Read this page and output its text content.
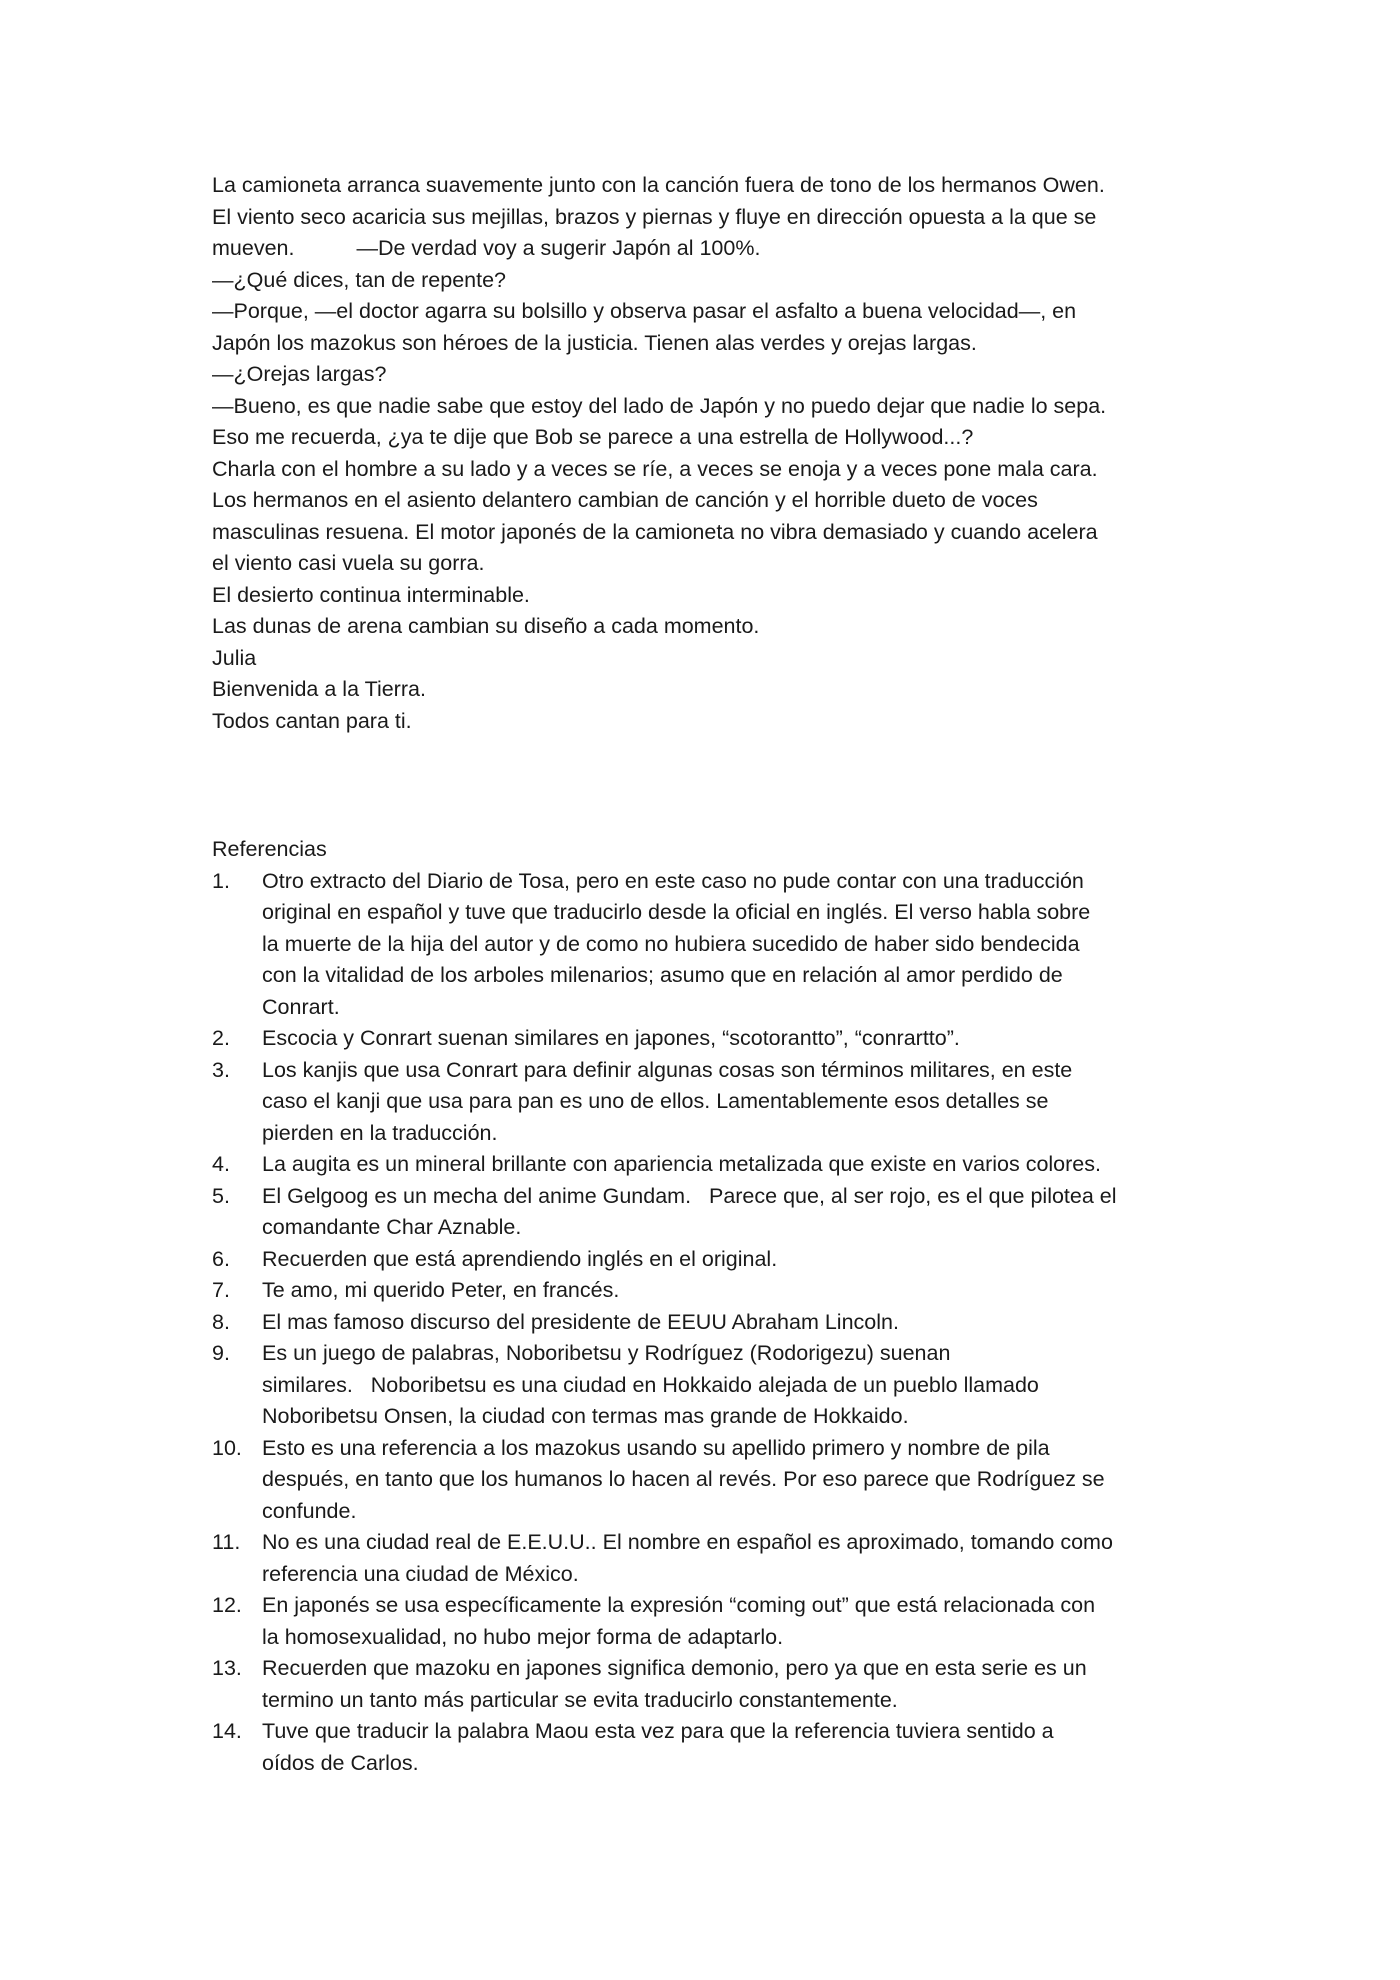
La camioneta arranca suavemente junto con la canción fuera de tono de los hermanos Owen.
El viento seco acaricia sus mejillas, brazos y piernas y fluye en dirección opuesta a la que se
mueven.	—De verdad voy a sugerir Japón al 100%.
—¿Qué dices, tan de repente?
—Porque, —el doctor agarra su bolsillo y observa pasar el asfalto a buena velocidad—, en
Japón los mazokus son héroes de la justicia. Tienen alas verdes y orejas largas.
—¿Orejas largas?
—Bueno, es que nadie sabe que estoy del lado de Japón y no puedo dejar que nadie lo sepa.
Eso me recuerda, ¿ya te dije que Bob se parece a una estrella de Hollywood...?
Charla con el hombre a su lado y a veces se ríe, a veces se enoja y a veces pone mala cara.
Los hermanos en el asiento delantero cambian de canción y el horrible dueto de voces
masculinas resuena. El motor japonés de la camioneta no vibra demasiado y cuando acelera
el viento casi vuela su gorra.
El desierto continua interminable.
Las dunas de arena cambian su diseño a cada momento.
Julia
Bienvenida a la Tierra.
Todos cantan para ti.
Referencias
1.	Otro extracto del Diario de Tosa, pero en este caso no pude contar con una traducción
original en español y tuve que traducirlo desde la oficial en inglés. El verso habla sobre
la muerte de la hija del autor y de como no hubiera sucedido de haber sido bendecida
con la vitalidad de los arboles milenarios; asumo que en relación al amor perdido de
Conrart.
2.	Escocia y Conrart suenan similares en japones, “scotorantto”, “conrartto”.
3.	Los kanjis que usa Conrart para definir algunas cosas son términos militares, en este
caso el kanji que usa para pan es uno de ellos. Lamentablemente esos detalles se
pierden en la traducción.
4.	La augita es un mineral brillante con apariencia metalizada que existe en varios colores.
5.	El Gelgoog es un mecha del anime Gundam.   Parece que, al ser rojo, es el que pilotea el
comandante Char Aznable.
6.	Recuerden que está aprendiendo inglés en el original.
7.	Te amo, mi querido Peter, en francés.
8.	El mas famoso discurso del presidente de EEUU Abraham Lincoln.
9.	Es un juego de palabras, Noboribetsu y Rodríguez (Rodorigezu) suenan
similares.   Noboribetsu es una ciudad en Hokkaido alejada de un pueblo llamado
Noboribetsu Onsen, la ciudad con termas mas grande de Hokkaido.
10. Esto es una referencia a los mazokus usando su apellido primero y nombre de pila
después, en tanto que los humanos lo hacen al revés. Por eso parece que Rodríguez se
confunde.
11.	No es una ciudad real de E.E.U.U.. El nombre en español es aproximado, tomando como
referencia una ciudad de México.
12. En japonés se usa específicamente la expresión “coming out” que está relacionada con
la homosexualidad, no hubo mejor forma de adaptarlo.
13. Recuerden que mazoku en japones significa demonio, pero ya que en esta serie es un
termino un tanto más particular se evita traducirlo constantemente.
14. Tuve que traducir la palabra Maou esta vez para que la referencia tuviera sentido a
oídos de Carlos.
